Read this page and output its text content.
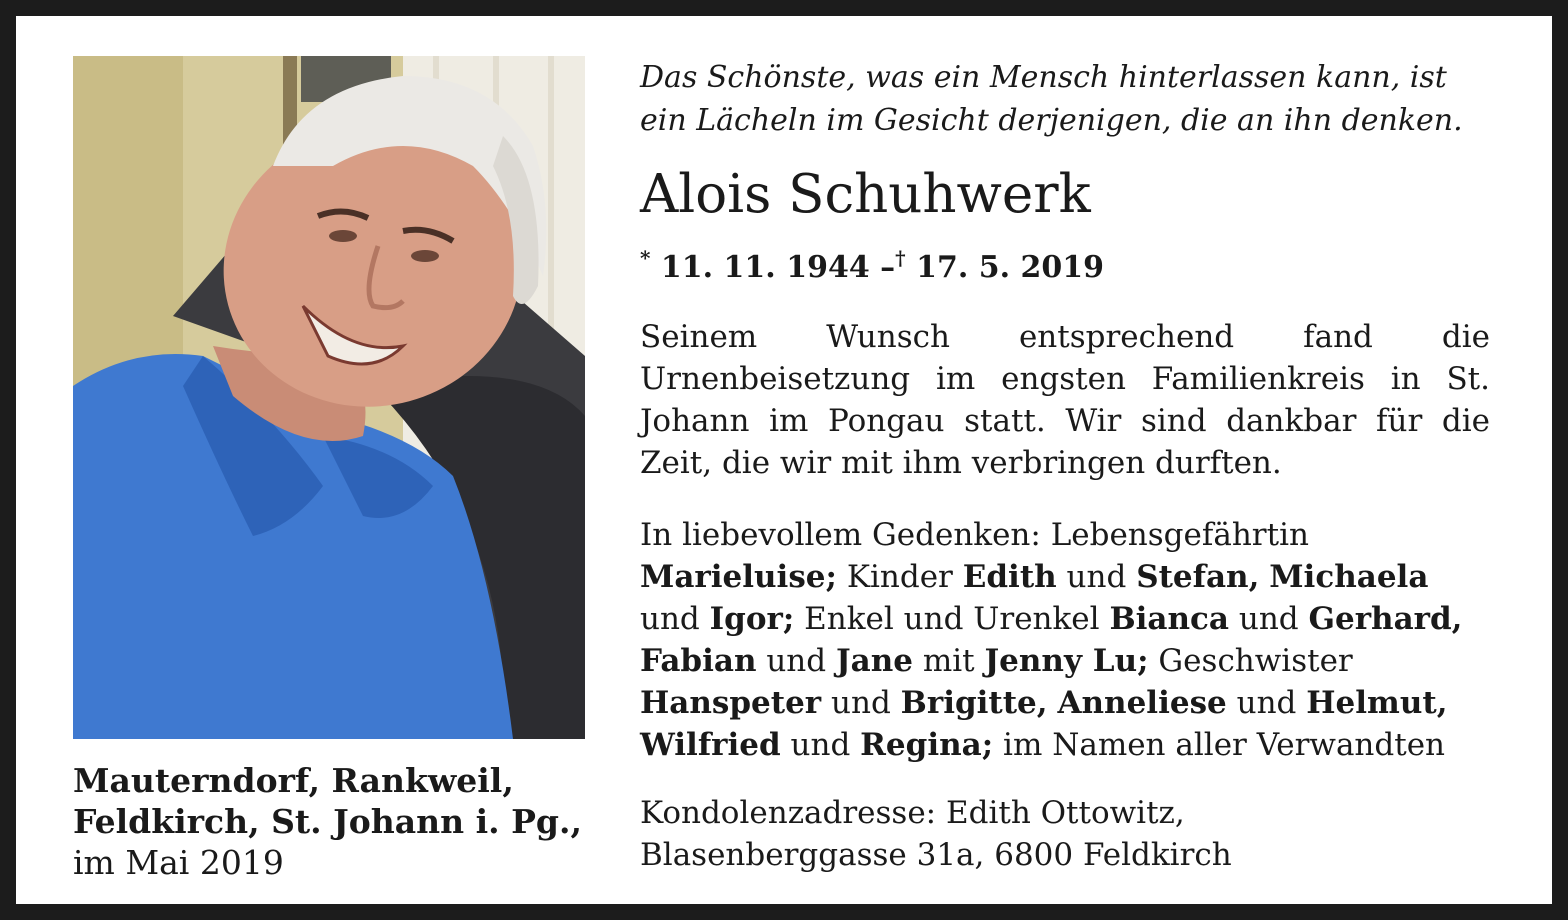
Mauterndorf, Rankweil,
Feldkirch, St. Johann i. Pg.,
im Mai 2019

Das Schönste, was ein Mensch hinterlassen kann, ist
ein Lächeln im Gesicht derjenigen, die an ihn denken.

Alois Schuhwerk

* 11. 11. 1944 –† 17. 5. 2019

Seinem Wunsch entsprechend fand die Urnenbeisetzung im engsten Familienkreis in St. Johann im Pongau statt. Wir sind dankbar für die Zeit, die wir mit ihm verbringen durften.

In liebevollem Gedenken: Lebensgefährtin
Marieluise; Kinder Edith und Stefan, Michaela
und Igor; Enkel und Urenkel Bianca und Gerhard,
Fabian und Jane mit Jenny Lu; Geschwister
Hanspeter und Brigitte, Anneliese und Helmut,
Wilfried und Regina; im Namen aller Verwandten

Kondolenzadresse: Edith Ottowitz,
Blasenberggasse 31a, 6800 Feldkirch
